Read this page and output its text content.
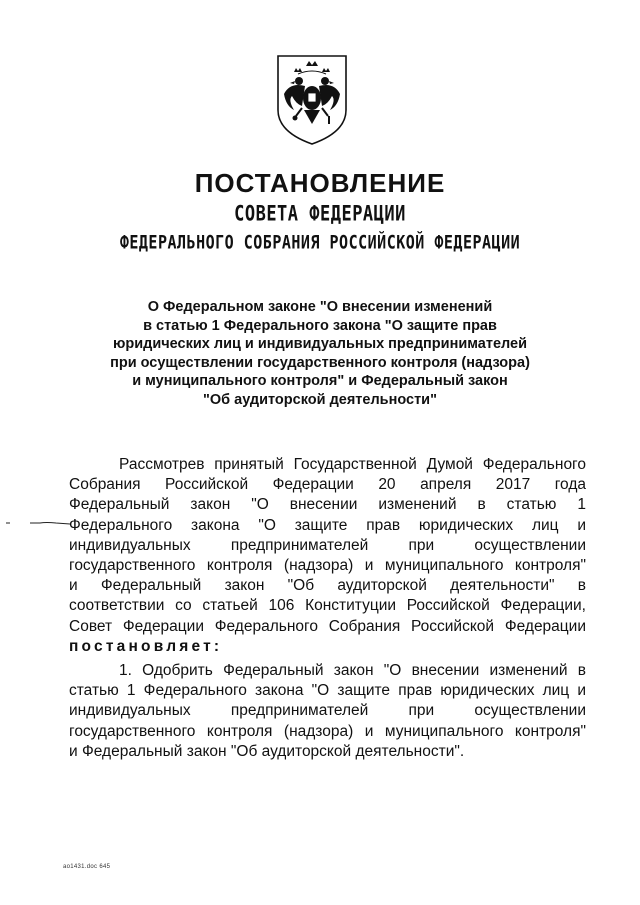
ПОСТАНОВЛЕНИЕ
СОВЕТА ФЕДЕРАЦИИ
ФЕДЕРАЛЬНОГО СОБРАНИЯ РОССИЙСКОЙ ФЕДЕРАЦИИ
О Федеральном законе "О внесении изменений
в статью 1 Федерального закона "О защите прав
юридических лиц и индивидуальных предпринимателей
при осуществлении государственного контроля (надзора)
и муниципального контроля" и Федеральный закон
"Об аудиторской деятельности"
Рассмотрев принятый Государственной Думой Федерального
Собрания Российской Федерации 20 апреля 2017 года
Федеральный закон "О внесении изменений в статью 1
Федерального закона "О защите прав юридических лиц и
индивидуальных предпринимателей при осуществлении
государственного контроля (надзора) и муниципального контроля"
и Федеральный закон "Об аудиторской деятельности" в
соответствии со статьей 106 Конституции Российской Федерации,
Совет Федерации Федерального Собрания Российской Федерации
постановляет:
1. Одобрить Федеральный закон "О внесении изменений в
статью 1 Федерального закона "О защите прав юридических лиц и
индивидуальных предпринимателей при осуществлении
государственного контроля (надзора) и муниципального контроля"
и Федеральный закон "Об аудиторской деятельности".
ao1431.doc 645
